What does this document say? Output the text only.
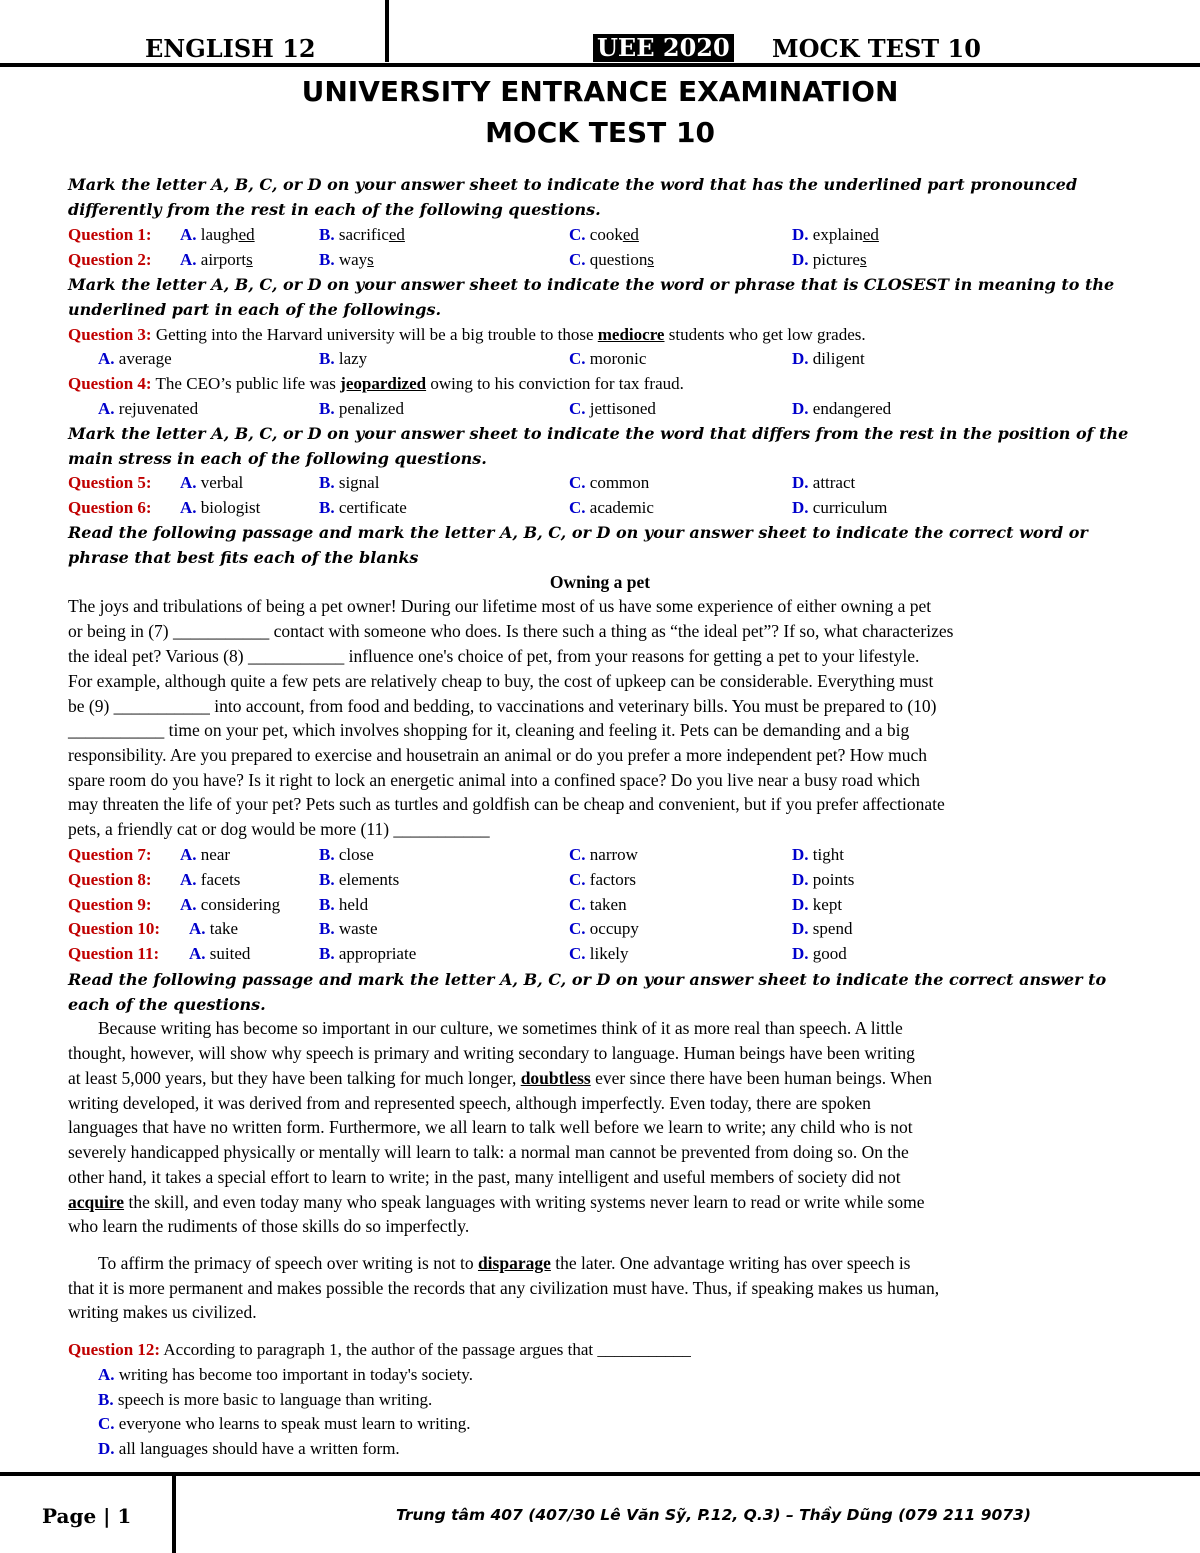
ENGLISH 12	UEE 2020 MOCK TEST 10
UNIVERSITY ENTRANCE EXAMINATION
MOCK TEST 10
Mark the letter A, B, C, or D on your answer sheet to indicate the word that has the underlined part pronounced
differently from the rest in each of the following questions.
Question 1: A. laughed	B. sacrificed	C. cooked	D. explained
Question 2: A. airports	B. ways	C. questions	D. pictures
Mark the letter A, B, C, or D on your answer sheet to indicate the word or phrase that is CLOSEST in meaning to the
underlined part in each of the followings.
Question 3: Getting into the Harvard university will be a big trouble to those mediocre students who get low grades.
A. average	B. lazy	C. moronic	D. diligent
Question 4: The CEO’s public life was jeopardized owing to his conviction for tax fraud.
A. rejuvenated	B. penalized	C. jettisoned	D. endangered
Mark the letter A, B, C, or D on your answer sheet to indicate the word that differs from the rest in the position of the
main stress in each of the following questions.
Question 5: A. verbal	B. signal	C. common	D. attract
Question 6: A. biologist	B. certificate	C. academic	D. curriculum
Read the following passage and mark the letter A, B, C, or D on your answer sheet to indicate the correct word or
phrase that best fits each of the blanks
Owning a pet
The joys and tribulations of being a pet owner! During our lifetime most of us have some experience of either owning a pet
or being in (7) ___________ contact with someone who does. Is there such a thing as “the ideal pet”? If so, what characterizes
the ideal pet? Various (8) ___________ influence one's choice of pet, from your reasons for getting a pet to your lifestyle.
For example, although quite a few pets are relatively cheap to buy, the cost of upkeep can be considerable. Everything must
be (9) ___________ into account, from food and bedding, to vaccinations and veterinary bills. You must be prepared to (10)
___________ time on your pet, which involves shopping for it, cleaning and feeling it. Pets can be demanding and a big
responsibility. Are you prepared to exercise and housetrain an animal or do you prefer a more independent pet? How much
spare room do you have? Is it right to lock an energetic animal into a confined space? Do you live near a busy road which
may threaten the life of your pet? Pets such as turtles and goldfish can be cheap and convenient, but if you prefer affectionate
pets, a friendly cat or dog would be more (11) ___________
Question 7: A. near	B. close	C. narrow	D. tight
Question 8: A. facets	B. elements	C. factors	D. points
Question 9: A. considering B. held	C. taken	D. kept
Question 10: A. take	B. waste	C. occupy	D. spend
Question 11: A. suited	B. appropriate	C. likely	D. good
Read the following passage and mark the letter A, B, C, or D on your answer sheet to indicate the correct answer to
each of the questions.
Because writing has become so important in our culture, we sometimes think of it as more real than speech. A little
thought, however, will show why speech is primary and writing secondary to language. Human beings have been writing
at least 5,000 years, but they have been talking for much longer, doubtless ever since there have been human beings. When
writing developed, it was derived from and represented speech, although imperfectly. Even today, there are spoken
languages that have no written form. Furthermore, we all learn to talk well before we learn to write; any child who is not
severely handicapped physically or mentally will learn to talk: a normal man cannot be prevented from doing so. On the
other hand, it takes a special effort to learn to write; in the past, many intelligent and useful members of society did not
acquire the skill, and even today many who speak languages with writing systems never learn to read or write while some
who learn the rudiments of those skills do so imperfectly.
To affirm the primacy of speech over writing is not to disparage the later. One advantage writing has over speech is
that it is more permanent and makes possible the records that any civilization must have. Thus, if speaking makes us human,
writing makes us civilized.
Question 12: According to paragraph 1, the author of the passage argues that ___________
A. writing has become too important in today's society.
B. speech is more basic to language than writing.
C. everyone who learns to speak must learn to writing.
D. all languages should have a written form.
Page | 1	Trung tâm 407 (407/30 Lê Văn Sỹ, P.12, Q.3) – Thầy Dũng (079 211 9073)
